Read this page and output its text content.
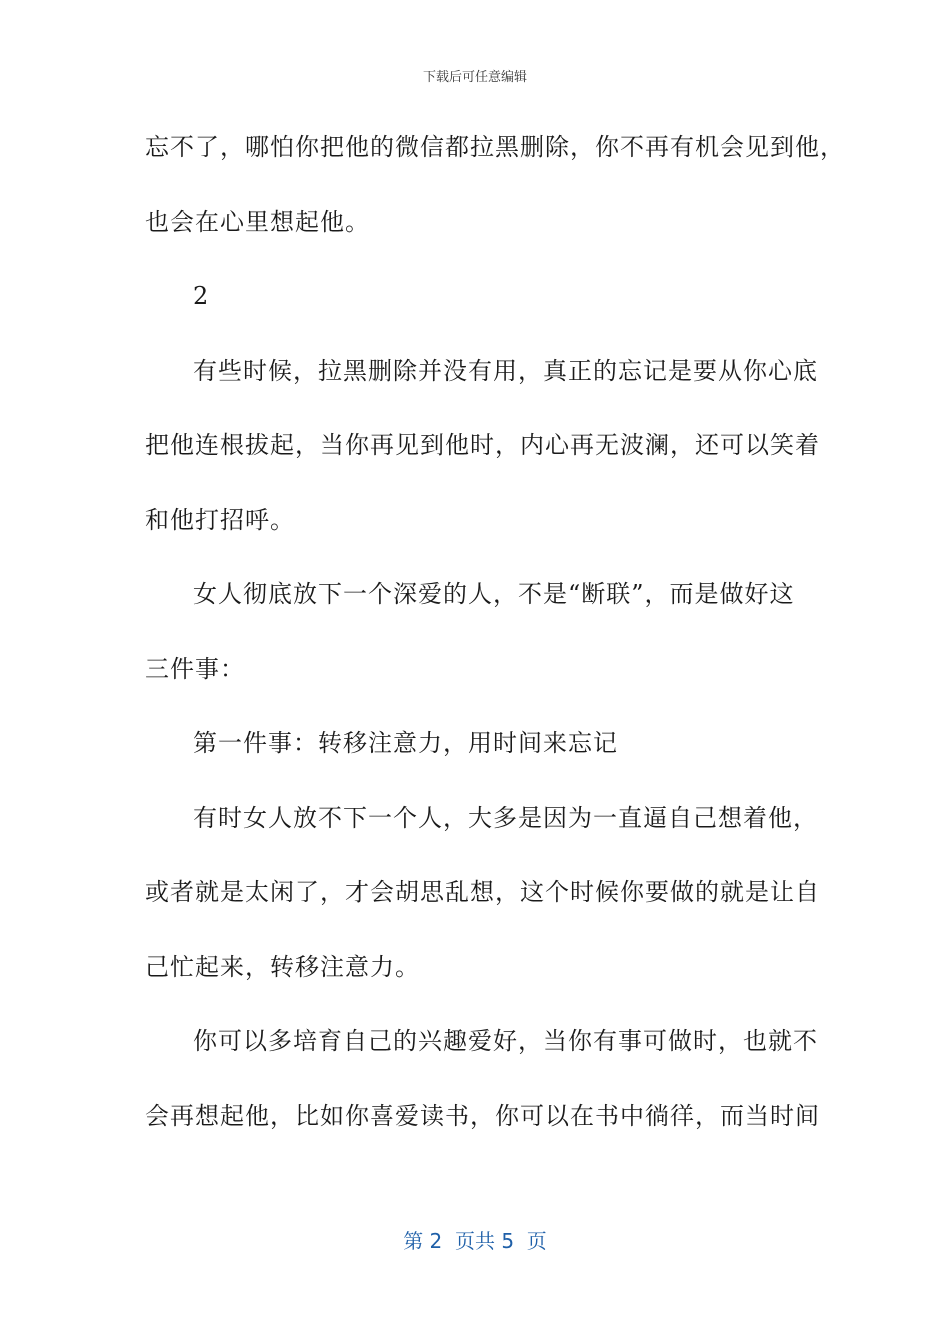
下载后可任意编辑
忘不了，哪怕你把他的微信都拉黑删除，你不再有机会见到他，
也会在心里想起他。
2
有些时候，拉黑删除并没有用，真正的忘记是要从你心底
把他连根拔起，当你再见到他时，内心再无波澜，还可以笑着
和他打招呼。
女人彻底放下一个深爱的人，不是“断联”，而是做好这
三件事：
第一件事：转移注意力，用时间来忘记
有时女人放不下一个人，大多是因为一直逼自己想着他，
或者就是太闲了，才会胡思乱想，这个时候你要做的就是让自
己忙起来，转移注意力。
你可以多培育自己的兴趣爱好，当你有事可做时，也就不
会再想起他，比如你喜爱读书，你可以在书中徜徉，而当时间
第 2  页共 5  页
